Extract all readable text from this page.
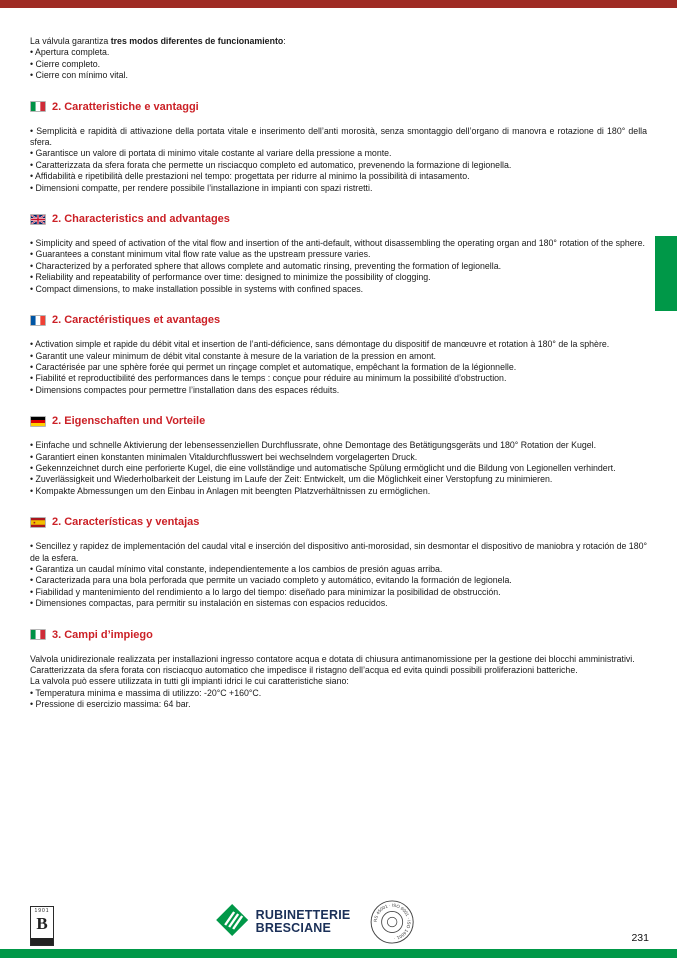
La válvula garantiza tres modos diferentes de funcionamiento:

• Apertura completa.

• Cierre completo.

• Cierre con mínimo vital.

2. Caratteristiche e vantaggi

• Semplicità e rapidità di attivazione della portata vitale e inserimento dell’anti morosità, senza smontaggio dell’organo di manovra e rotazione di 180° della sfera.

• Garantisce un valore di portata di minimo vitale costante al variare della pressione a monte.

• Caratterizzata da sfera forata che permette un risciacquo completo ed automatico, prevenendo la formazione di legionella.

• Affidabilità e ripetibilità delle prestazioni nel tempo: progettata per ridurre al minimo la possibilità di intasamento.

• Dimensioni compatte, per rendere possibile l’installazione in impianti con spazi ristretti.

2. Characteristics and advantages

• Simplicity and speed of activation of the vital flow and insertion of the anti-default, without disassembling the operating organ and 180° rotation of the sphere.

• Guarantees a constant minimum vital flow rate value as the upstream pressure varies.

• Characterized by a perforated sphere that allows complete and automatic rinsing, preventing the formation of legionella.

• Reliability and repeatability of performance over time: designed to minimize the possibility of clogging.

• Compact dimensions, to make installation possible in systems with confined spaces.

2. Caractéristiques et avantages

• Activation simple et rapide du débit vital et insertion de l’anti-déficience, sans démontage du dispositif de manœuvre et rotation à 180° de la sphère.

• Garantit une valeur minimum de débit vital constante à mesure de la variation de la pression en amont.

• Caractérisée par une sphère forée qui permet un rinçage complet et automatique, empêchant la formation de la légionnelle.

• Fiabilité et reproductibilité des performances dans le temps : conçue pour réduire au minimum la possibilité d’obstruction.

• Dimensions compactes pour permettre l’installation dans des espaces réduits.

2. Eigenschaften und Vorteile

• Einfache und schnelle Aktivierung der lebensessenziellen Durchflussrate, ohne Demontage des Betätigungsgeräts und 180° Rotation der Kugel.

• Garantiert einen konstanten minimalen Vitaldurchflusswert bei wechselndem vorgelagerten Druck.

• Gekennzeichnet durch eine perforierte Kugel, die eine vollständige und automatische Spülung ermöglicht und die Bildung von Legionellen verhindert.

• Zuverlässigkeit und Wiederholbarkeit der Leistung im Laufe der Zeit: Entwickelt, um die Möglichkeit einer Verstopfung zu minimieren.

• Kompakte Abmessungen um den Einbau in Anlagen mit beengten Platzverhältnissen zu ermöglichen.

2. Características y ventajas

• Sencillez y rapidez de implementación del caudal vital e inserción del dispositivo anti-morosidad, sin desmontar el dispositivo de maniobra y rotación de 180° de la esfera.

• Garantiza un caudal mínimo vital constante, independientemente a los cambios de presión aguas arriba.

• Caracterizada para una bola perforada que permite un vaciado completo y automático, evitando la formación de legionela.

• Fiabilidad y mantenimiento del rendimiento a lo largo del tiempo: diseñado para minimizar la posibilidad de obstrucción.

• Dimensiones compactas, para permitir su instalación en sistemas con espacios reducidos.

3. Campi d’impiego

Valvola unidirezionale realizzata per installazioni ingresso contatore acqua e dotata di chiusura antimanomissione per la gestione dei blocchi amministrativi.

Caratterizzata da sfera forata con risciacquo automatico che impedisce il ristagno dell’acqua ed evita quindi possibili proliferazioni batteriche.

La valvola può essere utilizzata in tutti gli impianti idrici le cui caratteristiche siano:

• Temperatura minima e massima di utilizzo: -20°C +160°C.

• Pressione di esercizio massima: 64 bar.

1901
B	RUBINETTERIE
BRESCIANE
RS 45001 · ISO 9001 · ISO 14001 ·	231
